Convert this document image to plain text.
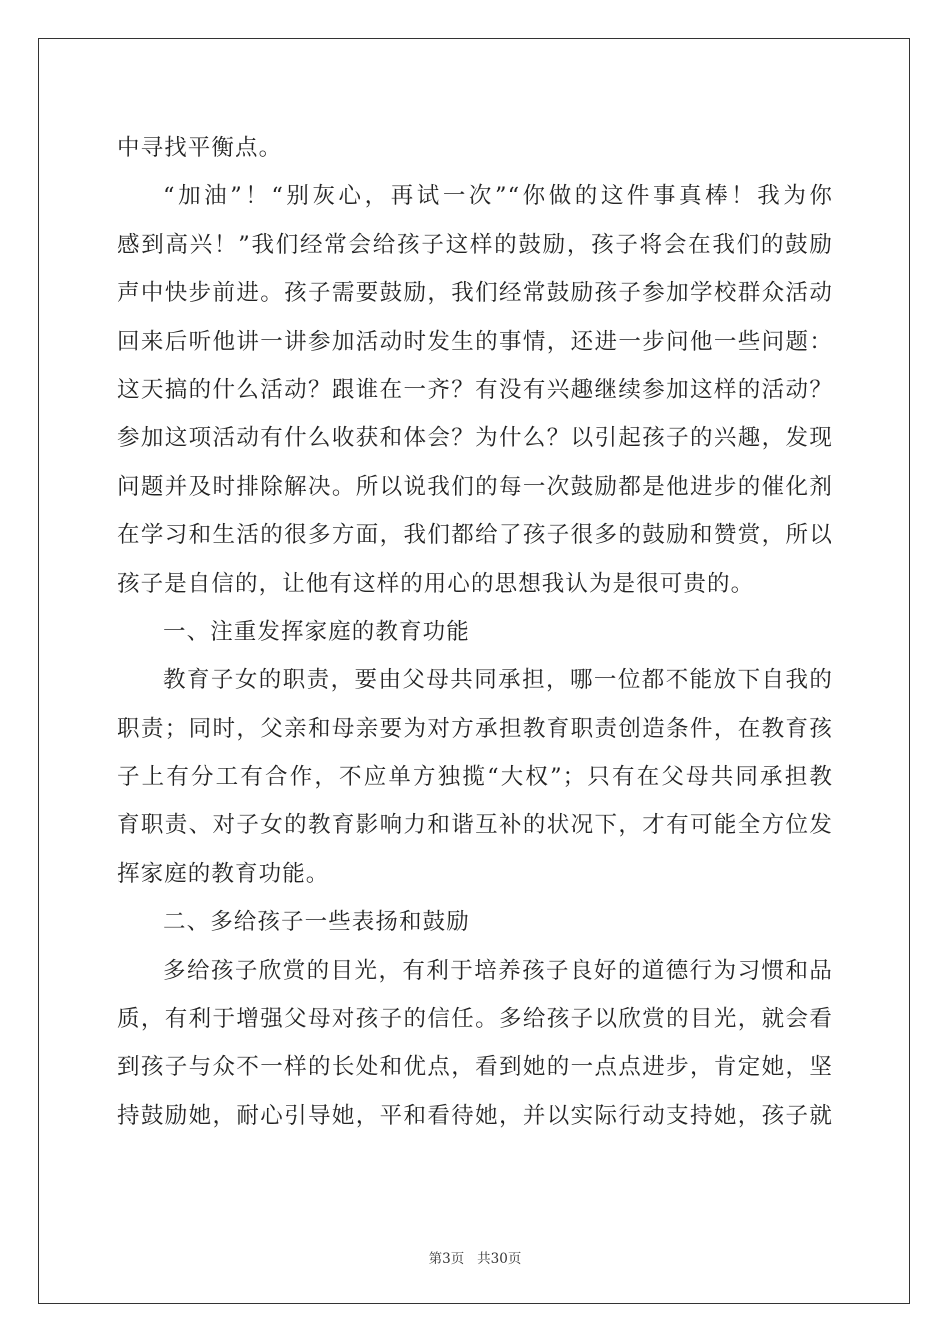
中寻找平衡点。
“加油”！“别灰心，再试一次”“你做的这件事真棒！我为你
感到高兴！”我们经常会给孩子这样的鼓励，孩子将会在我们的鼓励
声中快步前进。孩子需要鼓励，我们经常鼓励孩子参加学校群众活动
回来后听他讲一讲参加活动时发生的事情，还进一步问他一些问题：
这天搞的什么活动？跟谁在一齐？有没有兴趣继续参加这样的活动？
参加这项活动有什么收获和体会？为什么？以引起孩子的兴趣，发现
问题并及时排除解决。所以说我们的每一次鼓励都是他进步的催化剂
在学习和生活的很多方面，我们都给了孩子很多的鼓励和赞赏，所以
孩子是自信的，让他有这样的用心的思想我认为是很可贵的。
一、注重发挥家庭的教育功能
教育子女的职责，要由父母共同承担，哪一位都不能放下自我的
职责；同时，父亲和母亲要为对方承担教育职责创造条件，在教育孩
子上有分工有合作，不应单方独揽“大权”；只有在父母共同承担教
育职责、对子女的教育影响力和谐互补的状况下，才有可能全方位发
挥家庭的教育功能。
二、多给孩子一些表扬和鼓励
多给孩子欣赏的目光，有利于培养孩子良好的道德行为习惯和品
质，有利于增强父母对孩子的信任。多给孩子以欣赏的目光，就会看
到孩子与众不一样的长处和优点，看到她的一点点进步，肯定她，坚
持鼓励她，耐心引导她，平和看待她，并以实际行动支持她，孩子就
第3页   共30页
